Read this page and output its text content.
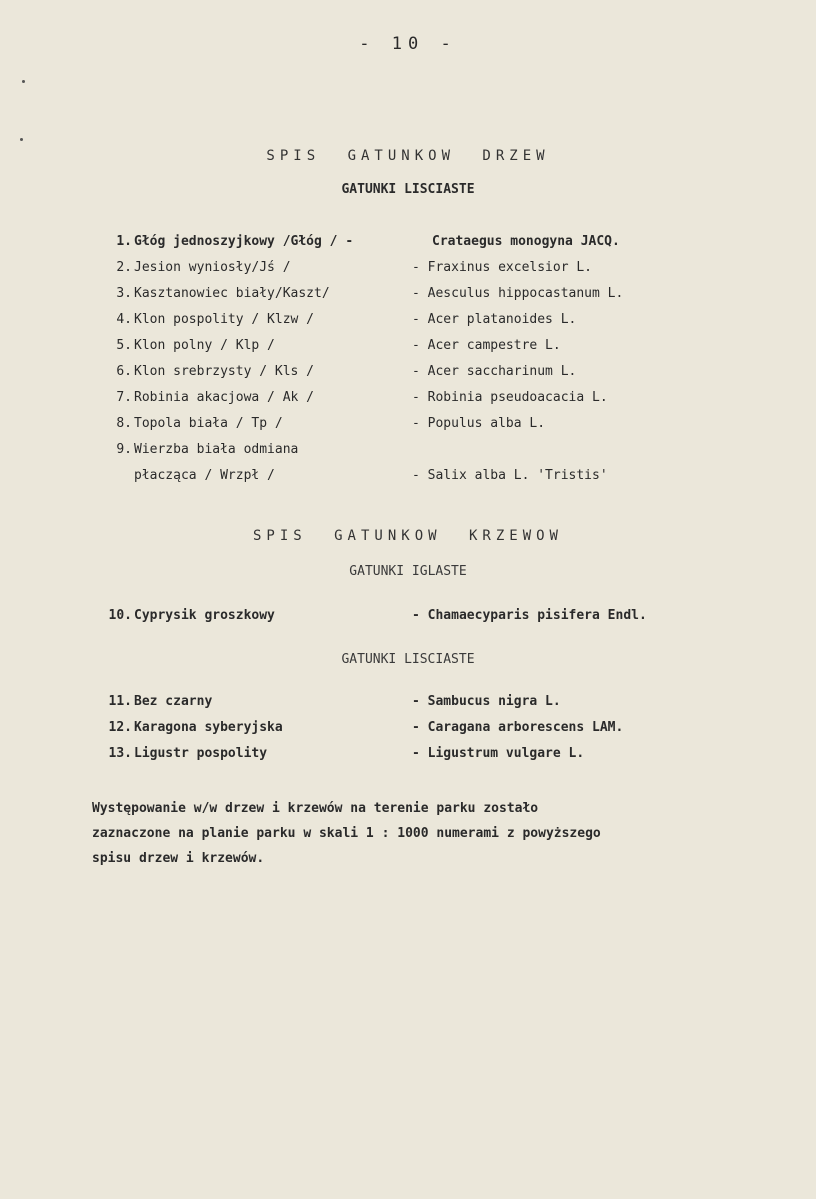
- 10 -
SPIS GATUNKOW DRZEW
GATUNKI LISCIASTE
1. Głóg jednoszyjkowy /Głóg / -	Crataegus monogyna JACQ.
2. Jesion wyniosły/Jś /	- Fraxinus excelsior L.
3. Kasztanowiec biały/Kaszt/	- Aesculus hippocastanum L.
4. Klon pospolity / Klzw /	- Acer platanoides L.
5. Klon polny / Klp /	- Acer campestre L.
6. Klon srebrzysty / Kls /	- Acer saccharinum L.
7. Robinia akacjowa / Ak /	- Robinia pseudoacacia L.
8. Topola biała / Tp /	- Populus alba L.
9. Wierzba biała odmiana
płacząca / Wrzpł /	- Salix alba L. 'Tristis'
SPIS GATUNKOW KRZEWOW
GATUNKI IGLASTE
10. Cyprysik groszkowy	- Chamaecyparis pisifera Endl.
GATUNKI LISCIASTE
11. Bez czarny	- Sambucus nigra L.
12. Karagona syberyjska	- Caragana arborescens LAM.
13. Ligustr pospolity	- Ligustrum vulgare L.
Występowanie w/w drzew i krzewów na terenie parku zostało
zaznaczone na planie parku w skali 1 : 1000 numerami z powyższego
spisu drzew i krzewów.
